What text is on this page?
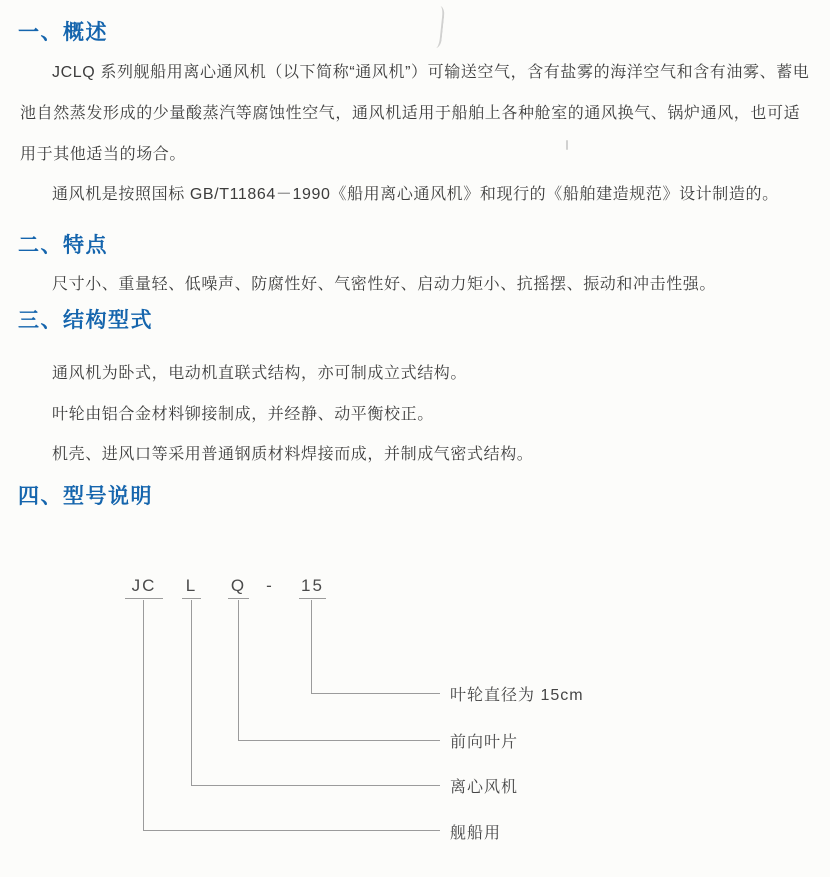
一、概述
JCLQ 系列舰船用离心通风机（以下简称“通风机”）可输送空气，含有盐雾的海洋空气和含有油雾、蓄电池自然蒸发形成的少量酸蒸汽等腐蚀性空气，通风机适用于船舶上各种舱室的通风换气、锅炉通风，也可适用于其他适当的场合。
通风机是按照国标 GB/T11864－1990《船用离心通风机》和现行的《船舶建造规范》设计制造的。
二、特点
尺寸小、重量轻、低噪声、防腐性好、气密性好、启动力矩小、抗摇摆、振动和冲击性强。
三、结构型式
通风机为卧式，电动机直联式结构，亦可制成立式结构。
叶轮由铝合金材料铆接制成，并经静、动平衡校正。
机壳、进风口等采用普通钢质材料焊接而成，并制成气密式结构。
四、型号说明
JC	L Q	-	15
叶轮直径为 15cm
前向叶片
离心风机
舰船用
